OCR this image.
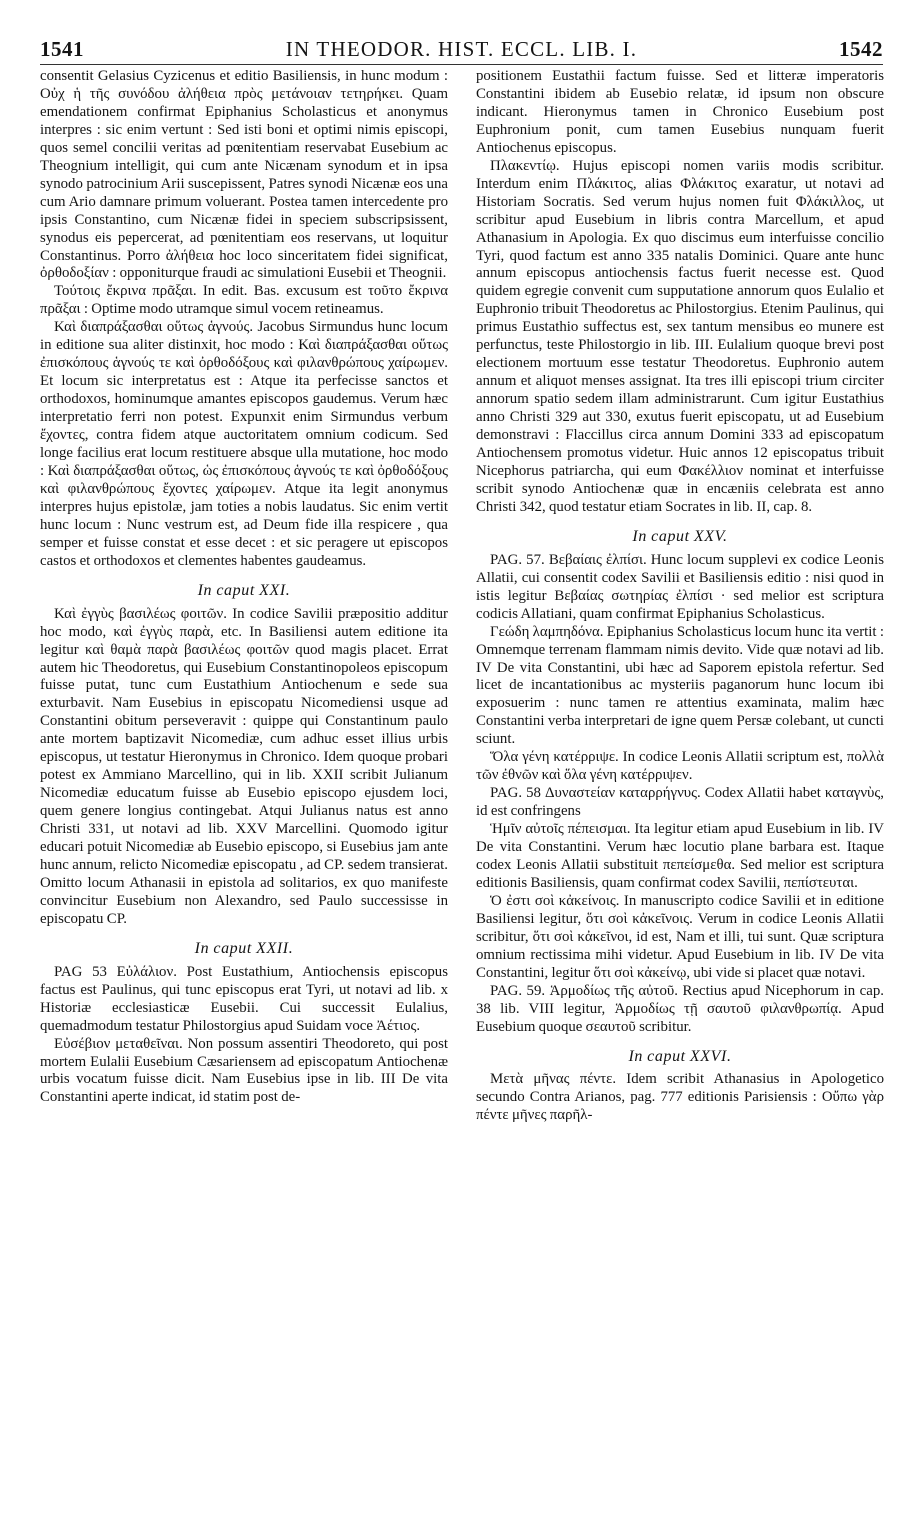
1541	IN THEODOR. HIST. ECCL. LIB. I.	1542

consentit Gelasius Cyzicenus et editio Basiliensis, in hunc modum : Οὐχ ἡ τῆς συνόδου ἀλήθεια πρὸς μετάνοιαν τετηρήκει. Quam emendationem confirmat Epiphanius Scholasticus et anonymus interpres : sic enim vertunt : Sed isti boni et optimi nimis episcopi, quos semel concilii veritas ad pœnitentiam reservabat Eusebium ac Theognium intelligit, qui cum ante Nicænam synodum et in ipsa synodo patrocinium Arii suscepissent, Patres synodi Nicænæ eos una cum Ario damnare primum voluerant. Postea tamen intercedente pro ipsis Constantino, cum Nicænæ fidei in speciem subscripsissent, synodus eis pepercerat, ad pœnitentiam eos reservans, ut loquitur Constantinus. Porro ἀλήθεια hoc loco sinceritatem fidei significat, ὀρθοδοξίαν : opponiturque fraudi ac simulationi Eusebii et Theognii.

Τούτοις ἔκρινα πρᾶξαι. In edit. Bas. excusum est τοῦτο ἔκρινα πρᾶξαι : Optime modo utramque simul vocem retineamus.

Καὶ διαπράξασθαι οὕτως ἁγνούς. Jacobus Sirmundus hunc locum in editione sua aliter distinxit, hoc modo : Καὶ διαπράξασθαι οὕτως ἐπισκόπους ἁγνούς τε καὶ ὀρθοδόξους καὶ φιλανθρώπους χαίρωμεν. Et locum sic interpretatus est : Atque ita perfecisse sanctos et orthodoxos, hominumque amantes episcopos gaudemus. Verum hæc interpretatio ferri non potest. Expunxit enim Sirmundus verbum ἔχοντες, contra fidem atque auctoritatem omnium codicum. Sed longe facilius erat locum restituere absque ulla mutatione, hoc modo : Καὶ διαπράξασθαι οὕτως, ὡς ἐπισκόπους ἁγνούς τε καὶ ὀρθοδόξους καὶ φιλανθρώπους ἔχοντες χαίρωμεν. Atque ita legit anonymus interpres hujus epistolæ, jam toties a nobis laudatus. Sic enim vertit hunc locum : Nunc vestrum est, ad Deum fide illa respicere , qua semper et fuisse constat et esse decet : et sic peragere ut episcopos castos et orthodoxos et clementes habentes gaudeamus.

In caput XXI.

Καὶ ἐγγὺς βασιλέως φοιτῶν. In codice Savilii præpositio additur hoc modo, καὶ ἐγγὺς παρὰ, etc. In Basiliensi autem editione ita legitur καὶ θαμὰ παρὰ βασιλέως φοιτῶν quod magis placet. Errat autem hic Theodoretus, qui Eusebium Constantinopoleos episcopum fuisse putat, tunc cum Eustathium Antiochenum e sede sua exturbavit. Nam Eusebius in episcopatu Nicomediensi usque ad Constantini obitum perseveravit : quippe qui Constantinum paulo ante mortem baptizavit Nicomediæ, cum adhuc esset illius urbis episcopus, ut testatur Hieronymus in Chronico. Idem quoque probari potest ex Ammiano Marcellino, qui in lib. XXII scribit Julianum Nicomediæ educatum fuisse ab Eusebio episcopo ejusdem loci, quem genere longius contingebat. Atqui Julianus natus est anno Christi 331, ut notavi ad lib. XXV Marcellini. Quomodo igitur educari potuit Nicomediæ ab Eusebio episcopo, si Eusebius jam ante hunc annum, relicto Nicomediæ episcopatu , ad CP. sedem transierat. Omitto locum Athanasii in epistola ad solitarios, ex quo manifeste convincitur Eusebium non Alexandro, sed Paulo successisse in episcopatu CP.

In caput XXII.

PAG 53 Εὐλάλιον. Post Eustathium, Antiochensis episcopus factus est Paulinus, qui tunc episcopus erat Tyri, ut notavi ad lib. x Historiæ ecclesiasticæ Eusebii. Cui successit Eulalius, quemadmodum testatur Philostorgius apud Suidam voce Ἀέτιος.

Εὐσέβιον μεταθεῖναι. Non possum assentiri Theodoreto, qui post mortem Eulalii Eusebium Cæsariensem ad episcopatum Antiochenæ urbis vocatum fuisse dicit. Nam Eusebius ipse in lib. III De vita Constantini aperte indicat, id statim post de-

positionem Eustathii factum fuisse. Sed et litteræ imperatoris Constantini ibidem ab Eusebio relatæ, id ipsum non obscure indicant. Hieronymus tamen in Chronico Eusebium post Euphronium ponit, cum tamen Eusebius nunquam fuerit Antiochenus episcopus.

Πλακεντίῳ. Hujus episcopi nomen variis modis scribitur. Interdum enim Πλάκιτος, alias Φλάκιτος exaratur, ut notavi ad Historiam Socratis. Sed verum hujus nomen fuit Φλάκιλλος, ut scribitur apud Eusebium in libris contra Marcellum, et apud Athanasium in Apologia. Ex quo discimus eum interfuisse concilio Tyri, quod factum est anno 335 natalis Dominici. Quare ante hunc annum episcopus antiochensis factus fuerit necesse est. Quod quidem egregie convenit cum supputatione annorum quos Eulalio et Euphronio tribuit Theodoretus ac Philostorgius. Etenim Paulinus, qui primus Eustathio suffectus est, sex tantum mensibus eo munere est perfunctus, teste Philostorgio in lib. III. Eulalium quoque brevi post electionem mortuum esse testatur Theodoretus. Euphronio autem annum et aliquot menses assignat. Ita tres illi episcopi trium circiter annorum spatio sedem illam administrarunt. Cum igitur Eustathius anno Christi 329 aut 330, exutus fuerit episcopatu, ut ad Eusebium demonstravi : Flaccillus circa annum Domini 333 ad episcopatum Antiochensem promotus videtur. Huic annos 12 episcopatus tribuit Nicephorus patriarcha, qui eum Φακέλλιον nominat et interfuisse scribit synodo Antiochenæ quæ in encæniis celebrata est anno Christi 342, quod testatur etiam Socrates in lib. II, cap. 8.

In caput XXV.

PAG. 57. Βεβαίαις ἐλπίσι. Hunc locum supplevi ex codice Leonis Allatii, cui consentit codex Savilii et Basiliensis editio : nisi quod in istis legitur Βεβαίας σωτηρίας ἐλπίσι · sed melior est scriptura codicis Allatiani, quam confirmat Epiphanius Scholasticus.

Γεώδη λαμπηδόνα. Epiphanius Scholasticus locum hunc ita vertit : Omnemque terrenam flammam nimis devito. Vide quæ notavi ad lib. IV De vita Constantini, ubi hæc ad Saporem epistola refertur. Sed licet de incantationibus ac mysteriis paganorum hunc locum ibi exposuerim : nunc tamen re attentius examinata, malim hæc Constantini verba interpretari de igne quem Persæ colebant, ut cuncti sciunt.

Ὅλα γένη κατέρριψε. In codice Leonis Allatii scriptum est, πολλὰ τῶν ἐθνῶν καὶ ὅλα γένη κατέρριψεν.

PAG. 58 Δυναστείαν καταρρήγνυς. Codex Allatii habet καταγνὺς, id est confringens

Ἡμῖν αὐτοῖς πέπεισμαι. Ita legitur etiam apud Eusebium in lib. IV De vita Constantini. Verum hæc locutio plane barbara est. Itaque codex Leonis Allatii substituit πεπείσμεθα. Sed melior est scriptura editionis Basiliensis, quam confirmat codex Savilii, πεπίστευται.

Ὁ ἐστι σοὶ κἀκείνοις. In manuscripto codice Savilii et in editione Basiliensi legitur, ὅτι σοὶ κἀκεῖνοις. Verum in codice Leonis Allatii scribitur, ὅτι σοὶ κἀκεῖνοι, id est, Nam et illi, tui sunt. Quæ scriptura omnium rectissima mihi videtur. Apud Eusebium in lib. IV De vita Constantini, legitur ὅτι σοὶ κἀκείνῳ, ubi vide si placet quæ notavi.

PAG. 59. Ἁρμοδίως τῆς αὐτοῦ. Rectius apud Nicephorum in cap. 38 lib. VIII legitur, Ἁρμοδίως τῇ σαυτοῦ φιλανθρωπίᾳ. Apud Eusebium quoque σεαυτοῦ scribitur.

In caput XXVI.

Μετὰ μῆνας πέντε. Idem scribit Athanasius in Apologetico secundo Contra Arianos, pag. 777 editionis Parisiensis : Οὔπω γὰρ πέντε μῆνες παρῆλ-
